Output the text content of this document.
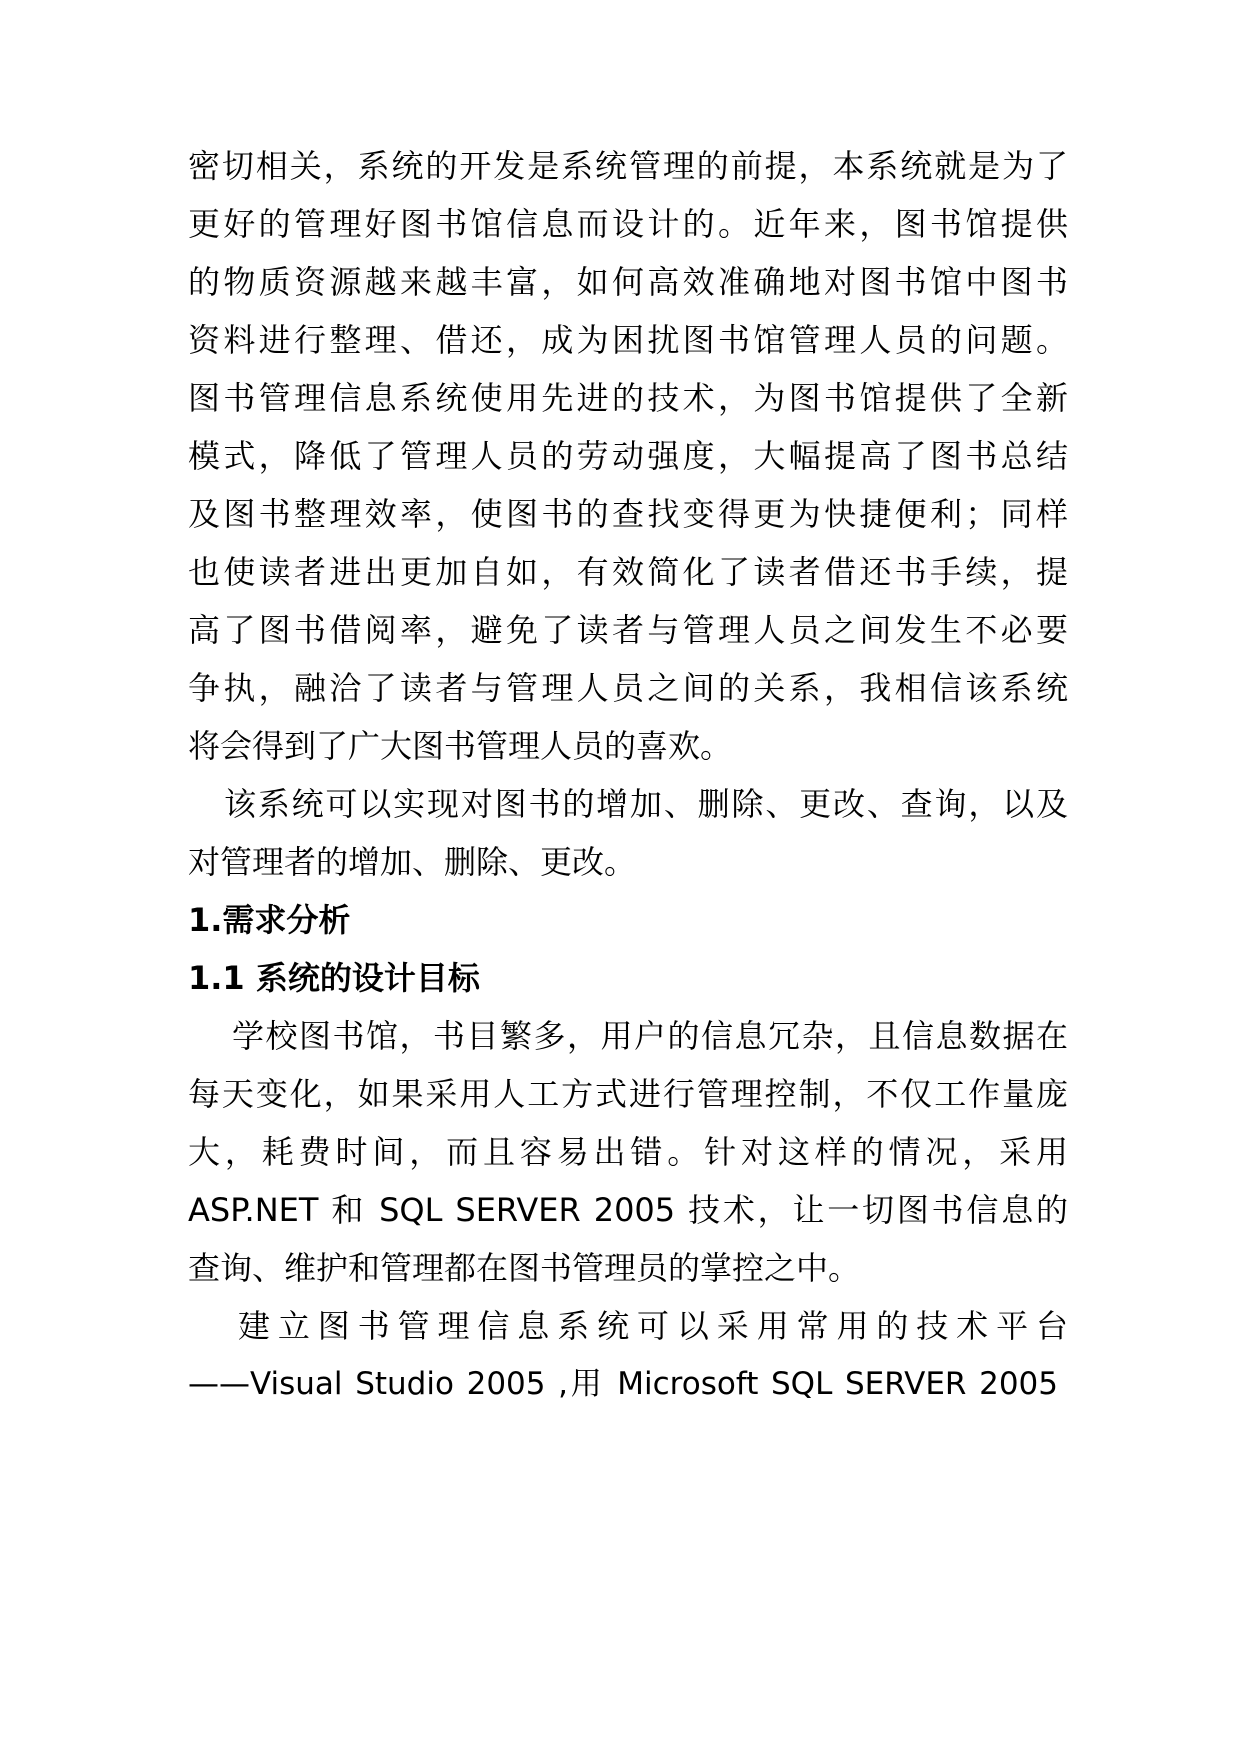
密切相关，系统的开发是系统管理的前提，本系统就是为了
更好的管理好图书馆信息而设计的。近年来，图书馆提供
的物质资源越来越丰富，如何高效准确地对图书馆中图书
资料进行整理、借还，成为困扰图书馆管理人员的问题。
图书管理信息系统使用先进的技术，为图书馆提供了全新
模式，降低了管理人员的劳动强度，大幅提高了图书总结
及图书整理效率，使图书的查找变得更为快捷便利；同样
也使读者进出更加自如，有效简化了读者借还书手续，提
高了图书借阅率，避免了读者与管理人员之间发生不必要
争执，融洽了读者与管理人员之间的关系，我相信该系统
将会得到了广大图书管理人员的喜欢。
该系统可以实现对图书的增加、删除、更改、查询，以及
对管理者的增加、删除、更改。
1.需求分析
1.1 系统的设计目标
学校图书馆，书目繁多，用户的信息冗杂，且信息数据在
每天变化，如果采用人工方式进行管理控制，不仅工作量庞
大，耗费时间，而且容易出错。针对这样的情况，采用
ASP.NET 和 SQL SERVER 2005 技术，让一切图书信息的
查询、维护和管理都在图书管理员的掌控之中。
建立图书管理信息系统可以采用常用的技术平台
——Visual Studio 2005 ,用 Microsoft SQL SERVER 2005
